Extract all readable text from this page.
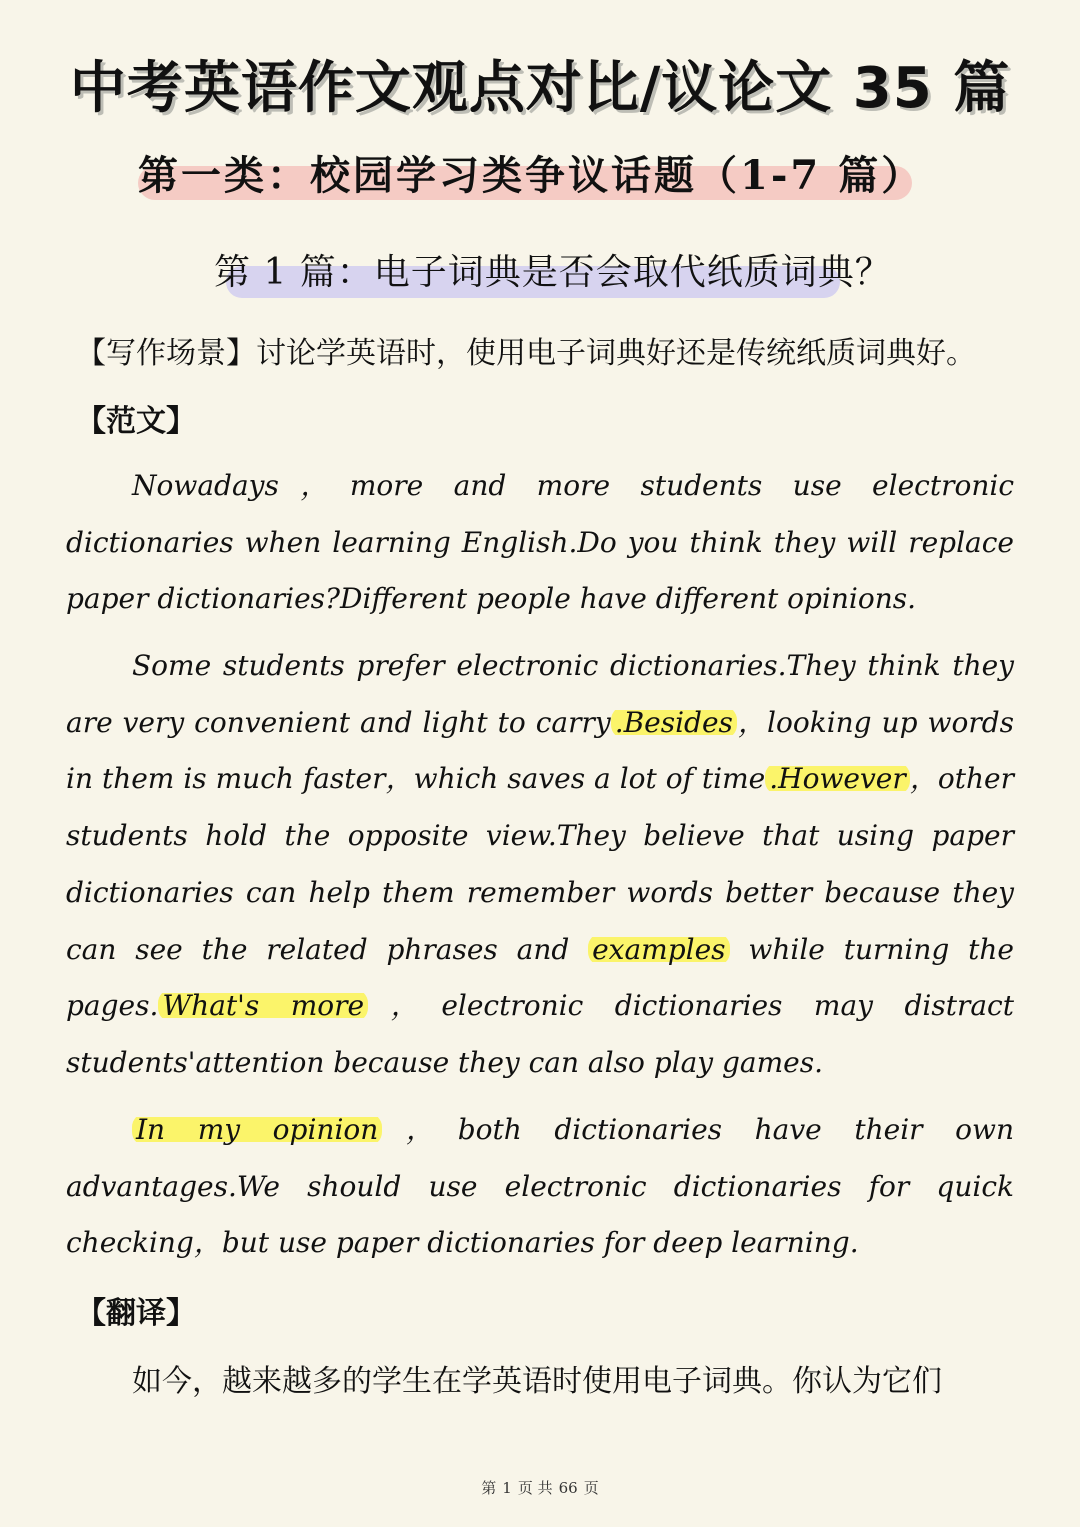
中考英语作文观点对比/议论文 35 篇
第一类：校园学习类争议话题（1-7 篇）
第 1 篇：电子词典是否会取代纸质词典？
【写作场景】讨论学英语时，使用电子词典好还是传统纸质词典好。
【范文】

Nowadays，more and more students use electronic dictionaries when learning English.Do you think they will replace paper dictionaries?Different people have different opinions.

Some students prefer electronic dictionaries.They think they are very convenient and light to carry .Besides ，looking up words in them is much faster，which saves a lot of time .However ，other students hold the opposite view.They believe that using paper dictionaries can help them remember words better because they can see the related phrases and examples while turning the pages. What's more ，electronic dictionaries may distract students'attention because they can also play games.

In my opinion ，both dictionaries have their own advantages.We should use electronic dictionaries for quick checking，but use paper dictionaries for deep learning.

【翻译】

如今，越来越多的学生在学英语时使用电子词典。你认为它们

第 1 页 共 66 页
